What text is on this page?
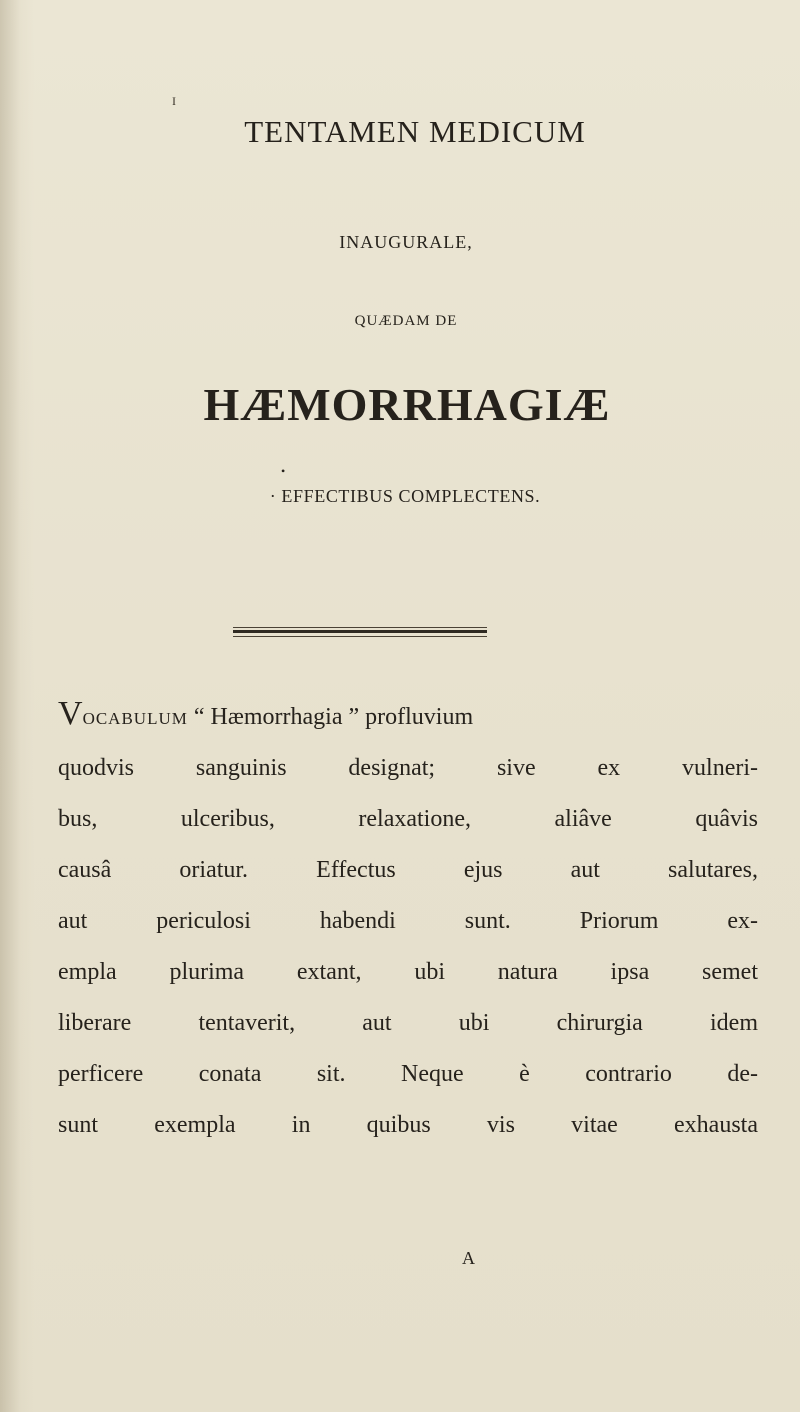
I
TENTAMEN MEDICUM
INAUGURALE,
QUÆDAM DE
HÆMORRHAGIÆ
•
· EFFECTIBUS COMPLECTENS.
VOCABULUM “ Hæmorrhagia ” profluvium
quodvis sanguinis designat; sive ex vulneri-
bus, ulceribus, relaxatione, aliâve quâvis
causâ oriatur. Effectus ejus aut salutares,
aut periculosi habendi sunt. Priorum ex-
empla plurima extant, ubi natura ipsa semet
liberare tentaverit, aut ubi chirurgia idem
perficere conata sit. Neque è contrario de-
sunt exempla in quibus vis vitae exhausta
A
